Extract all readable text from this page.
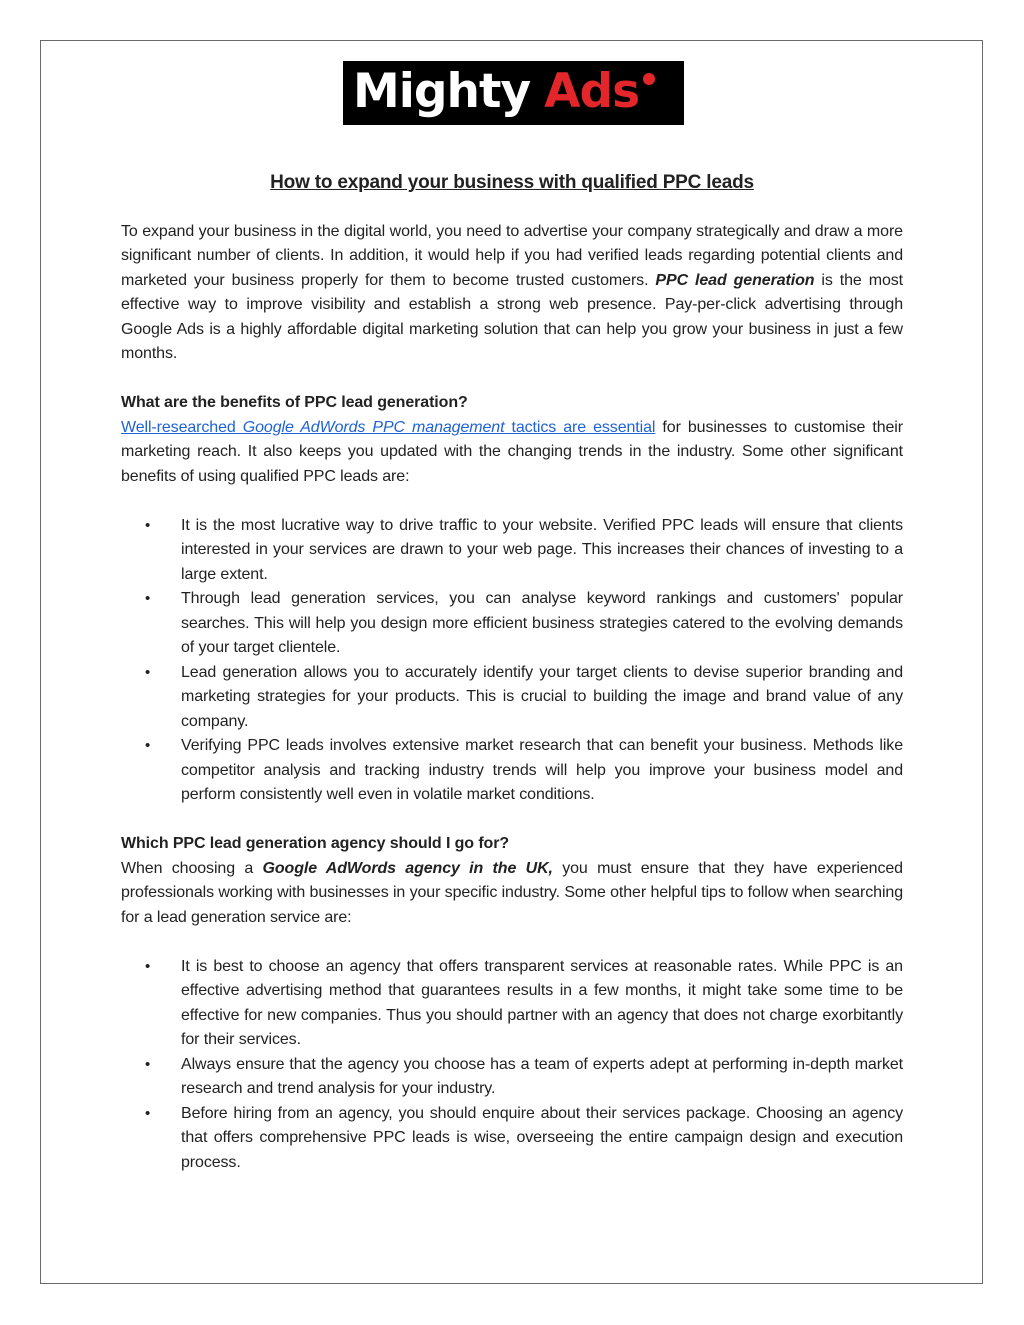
Mighty Ads
How to expand your business with qualified PPC leads

To expand your business in the digital world, you need to advertise your company strategically and draw a more significant number of clients. In addition, it would help if you had verified leads regarding potential clients and marketed your business properly for them to become trusted customers. PPC lead generation is the most effective way to improve visibility and establish a strong web presence. Pay-per-click advertising through Google Ads is a highly affordable digital marketing solution that can help you grow your business in just a few months.

What are the benefits of PPC lead generation?

Well-researched Google AdWords PPC management tactics are essential for businesses to customise their marketing reach. It also keeps you updated with the changing trends in the industry. Some other significant benefits of using qualified PPC leads are:

• It is the most lucrative way to drive traffic to your website. Verified PPC leads will ensure that clients interested in your services are drawn to your web page. This increases their chances of investing to a large extent.
• Through lead generation services, you can analyse keyword rankings and customers' popular searches. This will help you design more efficient business strategies catered to the evolving demands of your target clientele.
• Lead generation allows you to accurately identify your target clients to devise superior branding and marketing strategies for your products. This is crucial to building the image and brand value of any company.
• Verifying PPC leads involves extensive market research that can benefit your business. Methods like competitor analysis and tracking industry trends will help you improve your business model and perform consistently well even in volatile market conditions.

Which PPC lead generation agency should I go for?

When choosing a Google AdWords agency in the UK, you must ensure that they have experienced professionals working with businesses in your specific industry. Some other helpful tips to follow when searching for a lead generation service are:

• It is best to choose an agency that offers transparent services at reasonable rates. While PPC is an effective advertising method that guarantees results in a few months, it might take some time to be effective for new companies. Thus you should partner with an agency that does not charge exorbitantly for their services.
• Always ensure that the agency you choose has a team of experts adept at performing in-depth market research and trend analysis for your industry.
• Before hiring from an agency, you should enquire about their services package. Choosing an agency that offers comprehensive PPC leads is wise, overseeing the entire campaign design and execution process.
